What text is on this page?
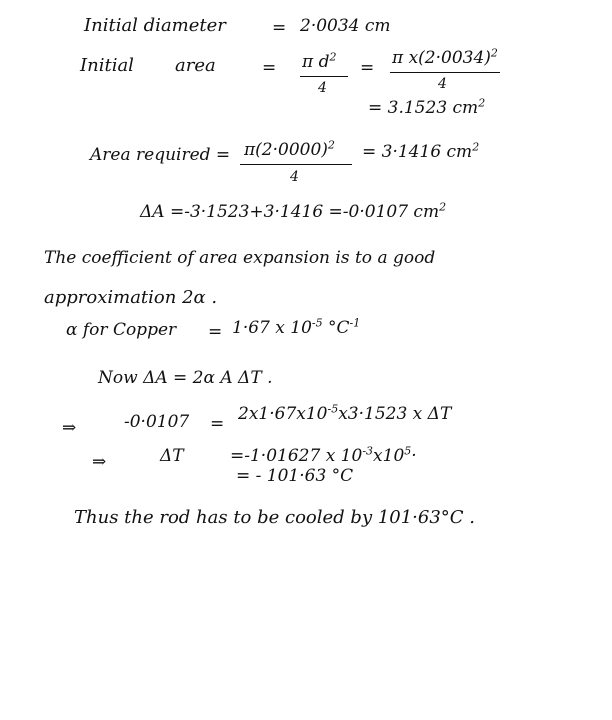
Initial diameter	= 2·0034 cm
Initial area	= π $d^2$
4
= π $x(2\cdot 0034)^2$
4
= 3.1523 $cm^2$
Area required = $\pi(2\cdot 0000)^2$
4
= 3·1416 $cm^2$
ΔA =-3·1523+3·1416 =-0·0107 $cm^2$
The coefficient of area expansion is to a good
approximation 2α .
α for Copper = 1·67 x $10^{-5}$ $^\circ C^{-1}$
Now ΔA = 2α A ΔT .
⇒	$-0\cdot 0107 = 2x1\cdot 67x10^{-5}x3\cdot 1523$ x ΔT
⇒	ΔT	=-1·01627 x $10^{-3}x10^5\cdot$
= - 101·63 °C
Thus the rod has to be cooled by 101·63°C .
